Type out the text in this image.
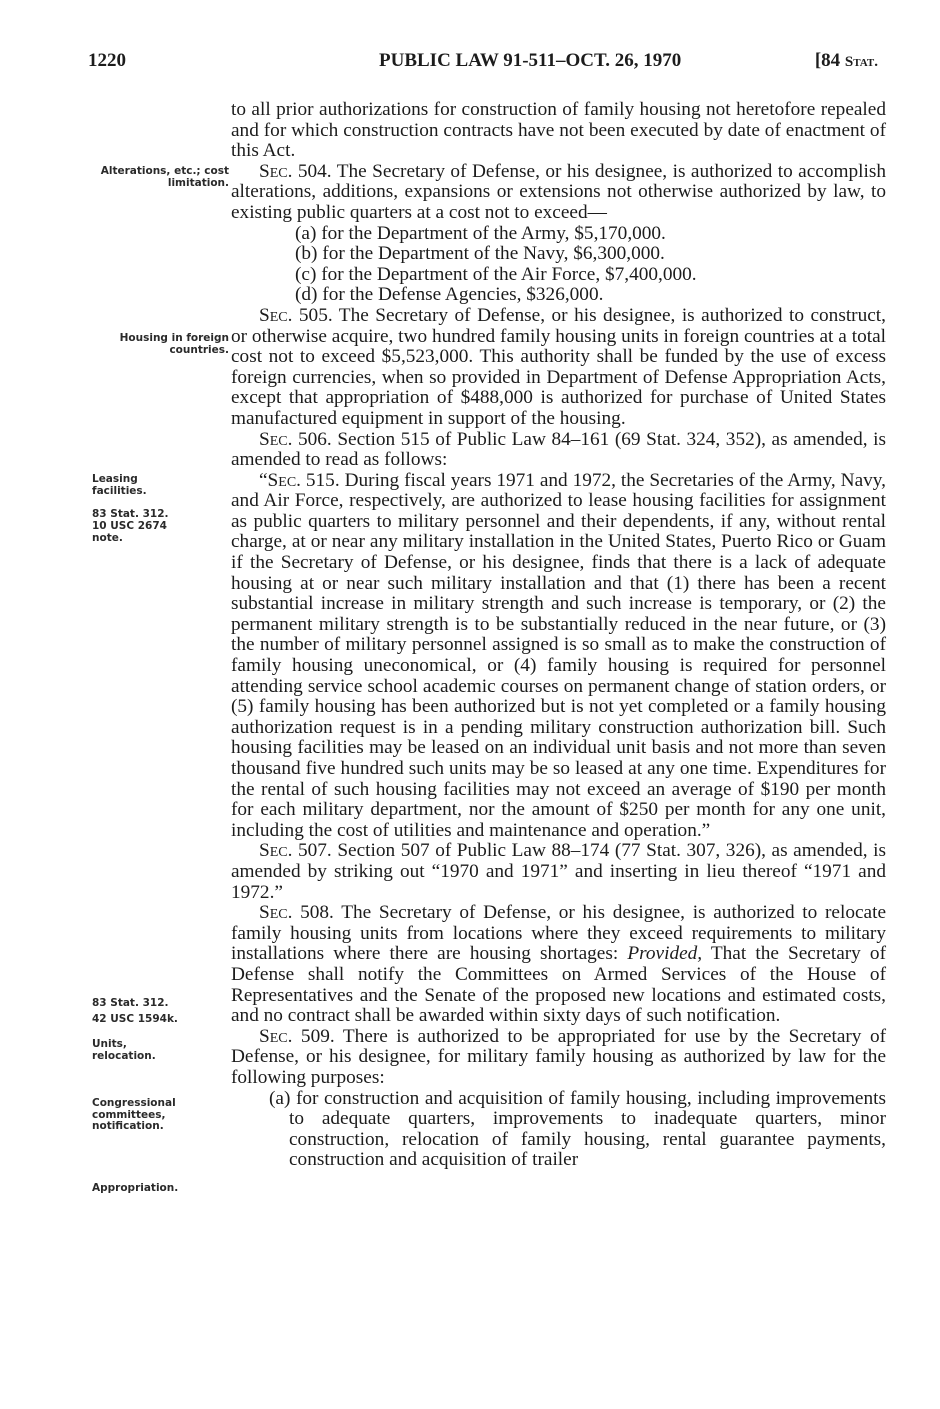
1220	PUBLIC LAW 91-511–OCT. 26, 1970	[84 Stat.
Alterations, etc.; cost limitation.
Housing in foreign countries.
Leasing facilities.
83 Stat. 312.
10 USC 2674 note.
83 Stat. 312.
42 USC 1594k.
Units, relocation.
Congressional committees, notification.
Appropriation.
to all prior authorizations for construction of family housing not heretofore repealed and for which construction contracts have not been executed by date of enactment of this Act.
Sec. 504. The Secretary of Defense, or his designee, is authorized to accomplish alterations, additions, expansions or extensions not otherwise authorized by law, to existing public quarters at a cost not to exceed—
(a) for the Department of the Army, $5,170,000.
(b) for the Department of the Navy, $6,300,000.
(c) for the Department of the Air Force, $7,400,000.
(d) for the Defense Agencies, $326,000.
Sec. 505. The Secretary of Defense, or his designee, is authorized to construct, or otherwise acquire, two hundred family housing units in foreign countries at a total cost not to exceed $5,523,000. This authority shall be funded by the use of excess foreign currencies, when so provided in Department of Defense Appropriation Acts, except that appropriation of $488,000 is authorized for purchase of United States manufactured equipment in support of the housing.
Sec. 506. Section 515 of Public Law 84–161 (69 Stat. 324, 352), as amended, is amended to read as follows:
“Sec. 515. During fiscal years 1971 and 1972, the Secretaries of the Army, Navy, and Air Force, respectively, are authorized to lease housing facilities for assignment as public quarters to military personnel and their dependents, if any, without rental charge, at or near any military installation in the United States, Puerto Rico or Guam if the Secretary of Defense, or his designee, finds that there is a lack of adequate housing at or near such military installation and that (1) there has been a recent substantial increase in military strength and such increase is temporary, or (2) the permanent military strength is to be substantially reduced in the near future, or (3) the number of military personnel assigned is so small as to make the construction of family housing uneconomical, or (4) family housing is required for personnel attending service school academic courses on permanent change of station orders, or (5) family housing has been authorized but is not yet completed or a family housing authorization request is in a pending military construction authorization bill. Such housing facilities may be leased on an individual unit basis and not more than seven thousand five hundred such units may be so leased at any one time. Expenditures for the rental of such housing facilities may not exceed an average of $190 per month for each military department, nor the amount of $250 per month for any one unit, including the cost of utilities and maintenance and operation.”
Sec. 507. Section 507 of Public Law 88–174 (77 Stat. 307, 326), as amended, is amended by striking out “1970 and 1971” and inserting in lieu thereof “1971 and 1972.”
Sec. 508. The Secretary of Defense, or his designee, is authorized to relocate family housing units from locations where they exceed requirements to military installations where there are housing shortages: Provided, That the Secretary of Defense shall notify the Committees on Armed Services of the House of Representatives and the Senate of the proposed new locations and estimated costs, and no contract shall be awarded within sixty days of such notification.
Sec. 509. There is authorized to be appropriated for use by the Secretary of Defense, or his designee, for military family housing as authorized by law for the following purposes:
(a) for construction and acquisition of family housing, including improvements to adequate quarters, improvements to inadequate quarters, minor construction, relocation of family housing, rental guarantee payments, construction and acquisition of trailer
